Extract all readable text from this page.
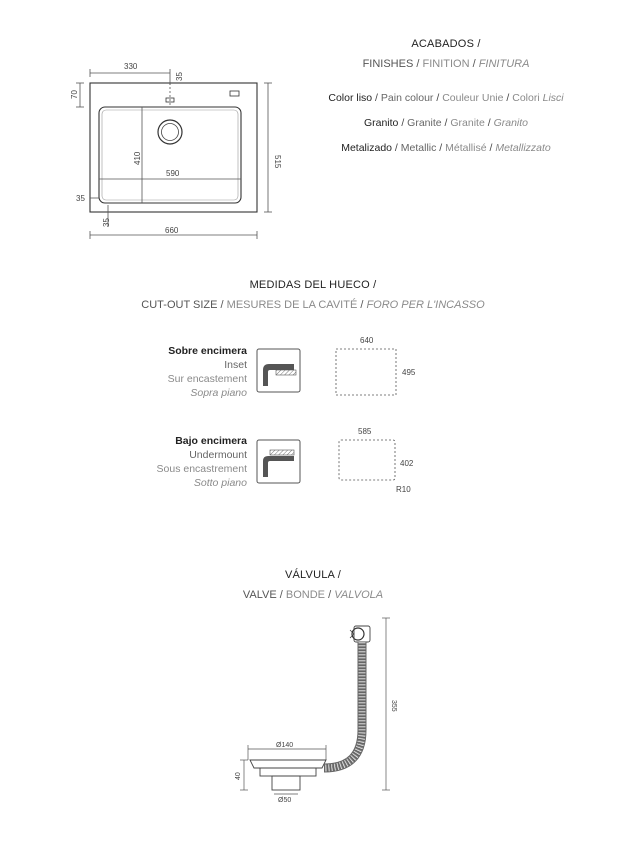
330
70
35
410
590
515
35
35
660
ACABADOS /
FINISHES / FINITION / FINITURA
Color liso / Pain colour / Couleur Unie / Colori Lisci
Granito / Granite / Granite / Granito
Metalizado / Metallic / Métallisé / Metallizzato
MEDIDAS DEL HUECO /
CUT-OUT SIZE / MESURES DE LA CAVITÉ / FORO PER L'INCASSO
Sobre encimera
Inset
Sur encastement
Sopra piano
640
495
Bajo encimera
Undermount
Sous encastrement
Sotto piano
585
402
R10
VÁLVULA /
VALVE / BONDE / VALVOLA
355
Ø140
40
Ø50
